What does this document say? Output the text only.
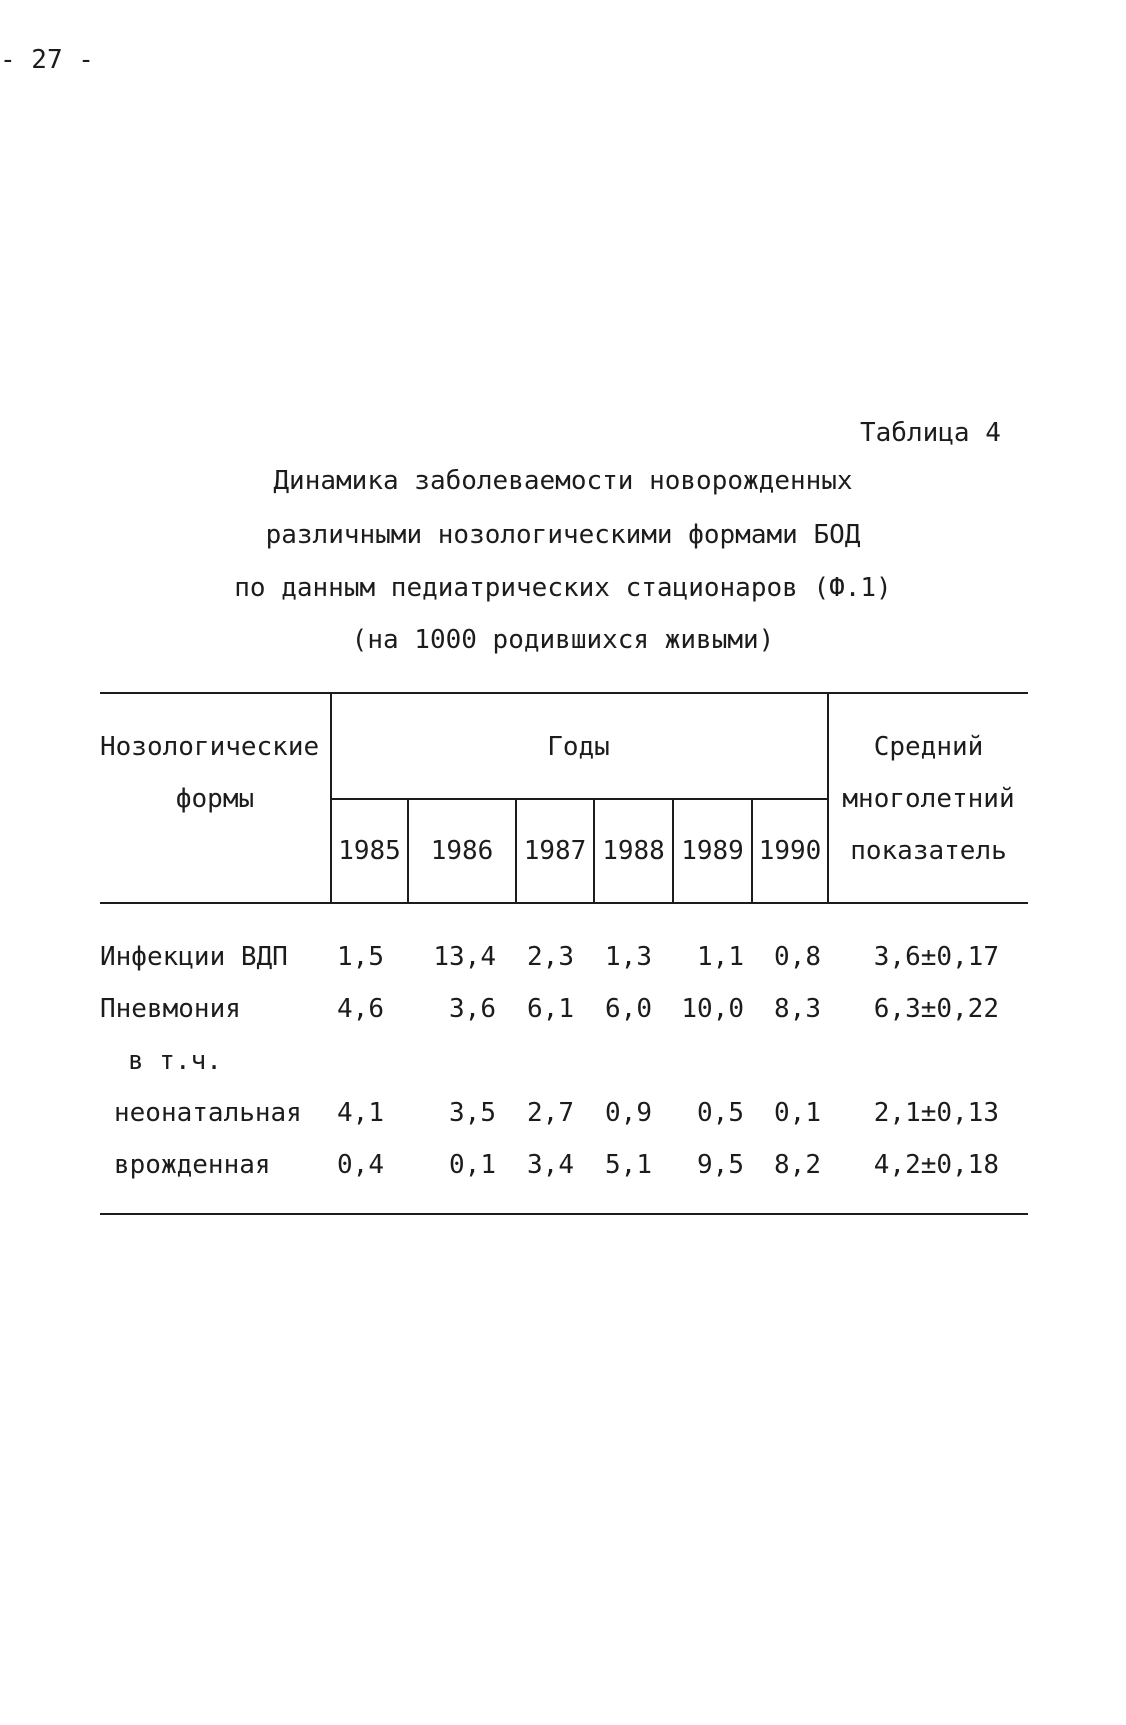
- 27 -
Таблица 4
Динамика заболеваемости новорожденных
различными нозологическими формами БОД
по данным педиатрических стационаров (Ф.1)
(на 1000 родившихся живыми)
Нозологические
формы
Годы	Средний
многолетний
показатель
1985	1986	1987 1988 1989 1990
Инфекции ВДП 1,5	13,4	2,3	1,3	1,1	0,8	3,6±0,17
Пневмония	4,6	3,6	6,1	6,0	10,0	8,3	6,3±0,22
в т.ч.
неонатальная 4,1	3,5	2,7	0,9	0,5	0,1	2,1±0,13
врожденная	0,4	0,1	3,4	5,1	9,5	8,2	4,2±0,18
